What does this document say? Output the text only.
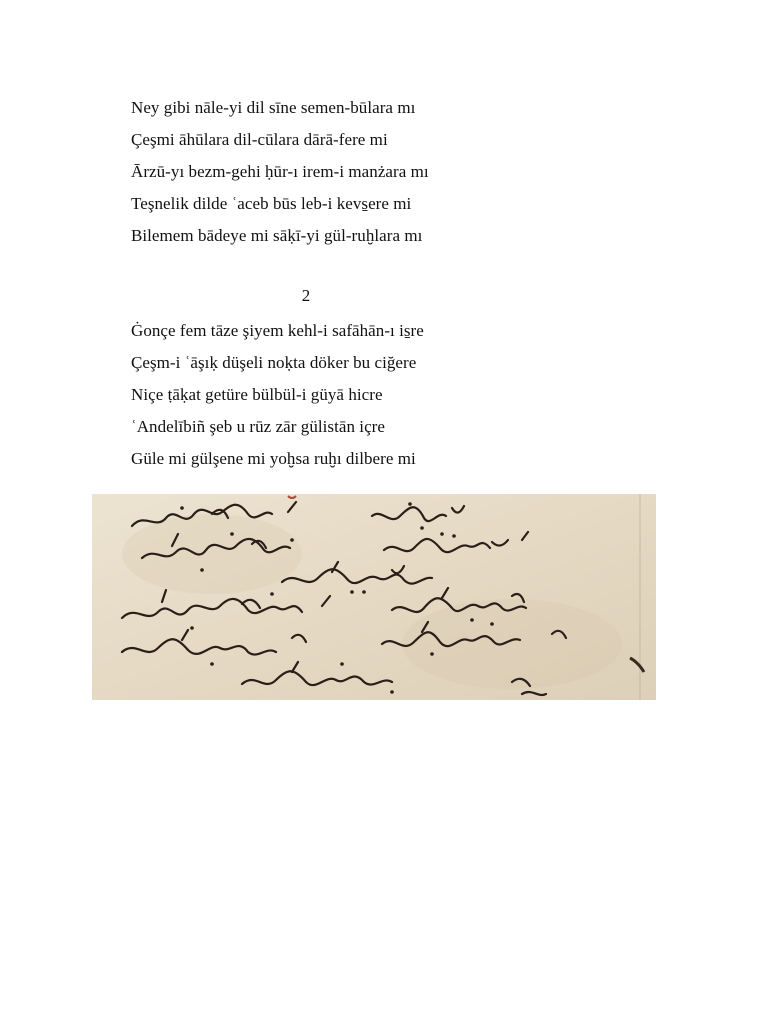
Ney gibi nāle-yi dil sīne semen-būlara mı
Çeşmi āhūlara dil-cūlara dārā-fere mi
Ārzū-yı bezm-gehi ḥūr-ı irem-i manżara mı
Teşnelik dilde ʿaceb būs leb-i kevs̱ere mi
Bilemem bādeye mi sāḳī-yi gül-ruḫlara mı
2
Ġonçe fem tāze şiyem kehl-i safāhān-ı is̱re
Çeşm-i ʿāşıḳ düşeli noḳta döker bu ciğere
Niçe ṭāḳat getüre bülbül-i güyā hicre
ʿAndelībiñ şeb u rūz zār gülistān içre
Güle mi gülşene mi yoḫsa ruḫı dilbere mi
